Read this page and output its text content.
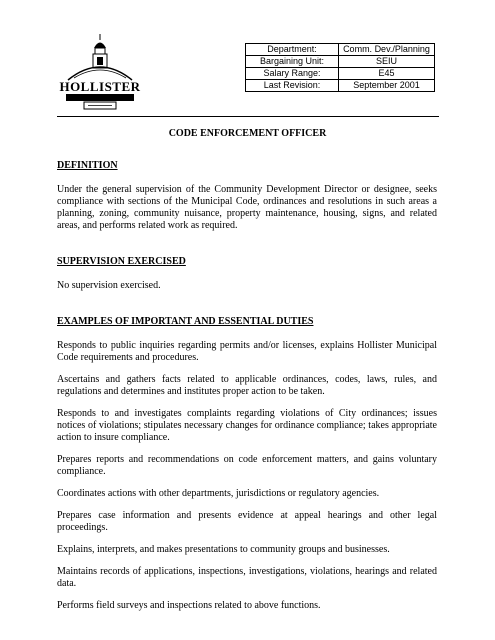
HOLLISTER
Department:	Comm. Dev./Planning
Bargaining Unit:	SEIU
Salary Range:	E45
Last Revision:	September 2001
CODE ENFORCEMENT OFFICER
DEFINITION

Under the general supervision of the Community Development Director or designee, seeks compliance with sections of the Municipal Code, ordinances and resolutions in such areas a planning, zoning, community nuisance, property maintenance, housing, signs, and related areas, and performs related work as required.

SUPERVISION EXERCISED

No supervision exercised.

EXAMPLES OF IMPORTANT AND ESSENTIAL DUTIES

Responds to public inquiries regarding permits and/or licenses, explains Hollister Municipal Code requirements and procedures.

Ascertains and gathers facts related to applicable ordinances, codes, laws, rules, and regulations and determines and institutes proper action to be taken.

Responds to and investigates complaints regarding violations of City ordinances; issues notices of violations; stipulates necessary changes for ordinance compliance; takes appropriate action to insure compliance.

Prepares reports and recommendations on code enforcement matters, and gains voluntary compliance.

Coordinates actions with other departments, jurisdictions or regulatory agencies.

Prepares case information and presents evidence at appeal hearings and other legal proceedings.

Explains, interprets, and makes presentations to community groups and businesses.

Maintains records of applications, inspections, investigations, violations, hearings and related data.

Performs field surveys and inspections related to above functions.
